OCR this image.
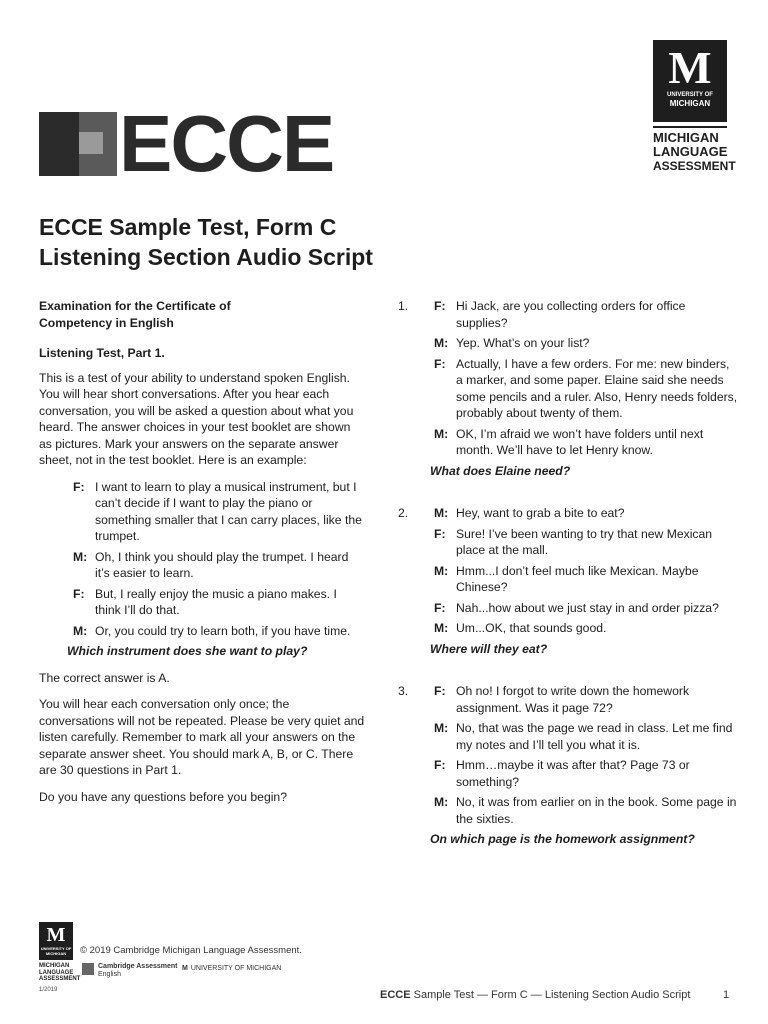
ECCE
M
UNIVERSITY OF
MICHIGAN
MICHIGAN
LANGUAGE
ASSESSMENT
ECCE Sample Test, Form C
Listening Section Audio Script
Examination for the Certificate of
Competency in English
Listening Test, Part 1.

This is a test of your ability to understand spoken English. You will hear short conversations. After you hear each conversation, you will be asked a question about what you heard. The answer choices in your test booklet are shown as pictures. Mark your answers on the separate answer sheet, not in the test booklet. Here is an example:

F: I want to learn to play a musical instrument, but I can’t decide if I want to play the piano or something smaller that I can carry places, like the trumpet.
M: Oh, I think you should play the trumpet. I heard it’s easier to learn.
F: But, I really enjoy the music a piano makes. I think I’ll do that.
M: Or, you could try to learn both, if you have time.
Which instrument does she want to play?

The correct answer is A.

You will hear each conversation only once; the conversations will not be repeated. Please be very quiet and listen carefully. Remember to mark all your answers on the separate answer sheet. You should mark A, B, or C. There are 30 questions in Part 1.

Do you have any questions before you begin?

1.	F: Hi Jack, are you collecting orders for office supplies?
M: Yep. What’s on your list?
F: Actually, I have a few orders. For me: new binders, a marker, and some paper. Elaine said she needs some pencils and a ruler. Also, Henry needs folders, probably about twenty of them.
M: OK, I’m afraid we won’t have folders until next month. We’ll have to let Henry know.
What does Elaine need?
2.	M: Hey, want to grab a bite to eat?
F: Sure! I’ve been wanting to try that new Mexican place at the mall.
M: Hmm...I don’t feel much like Mexican. Maybe Chinese?
F: Nah...how about we just stay in and order pizza?
M: Um...OK, that sounds good.
Where will they eat?
3.	F: Oh no! I forgot to write down the homework assignment. Was it page 72?
M: No, that was the page we read in class. Let me find my notes and I’ll tell you what it is.
F: Hmm…maybe it was after that? Page 73 or something?
M: No, it was from earlier on in the book. Some page in the sixties.
On which page is the homework assignment?
M
UNIVERSITY OF MICHIGAN
MICHIGAN
LANGUAGE
ASSESSMENT
1/2019
© 2019 Cambridge Michigan Language Assessment.
Cambridge Assessment
English
M UNIVERSITY OF MICHIGAN
ECCE Sample Test — Form C — Listening Section Audio Script	1
